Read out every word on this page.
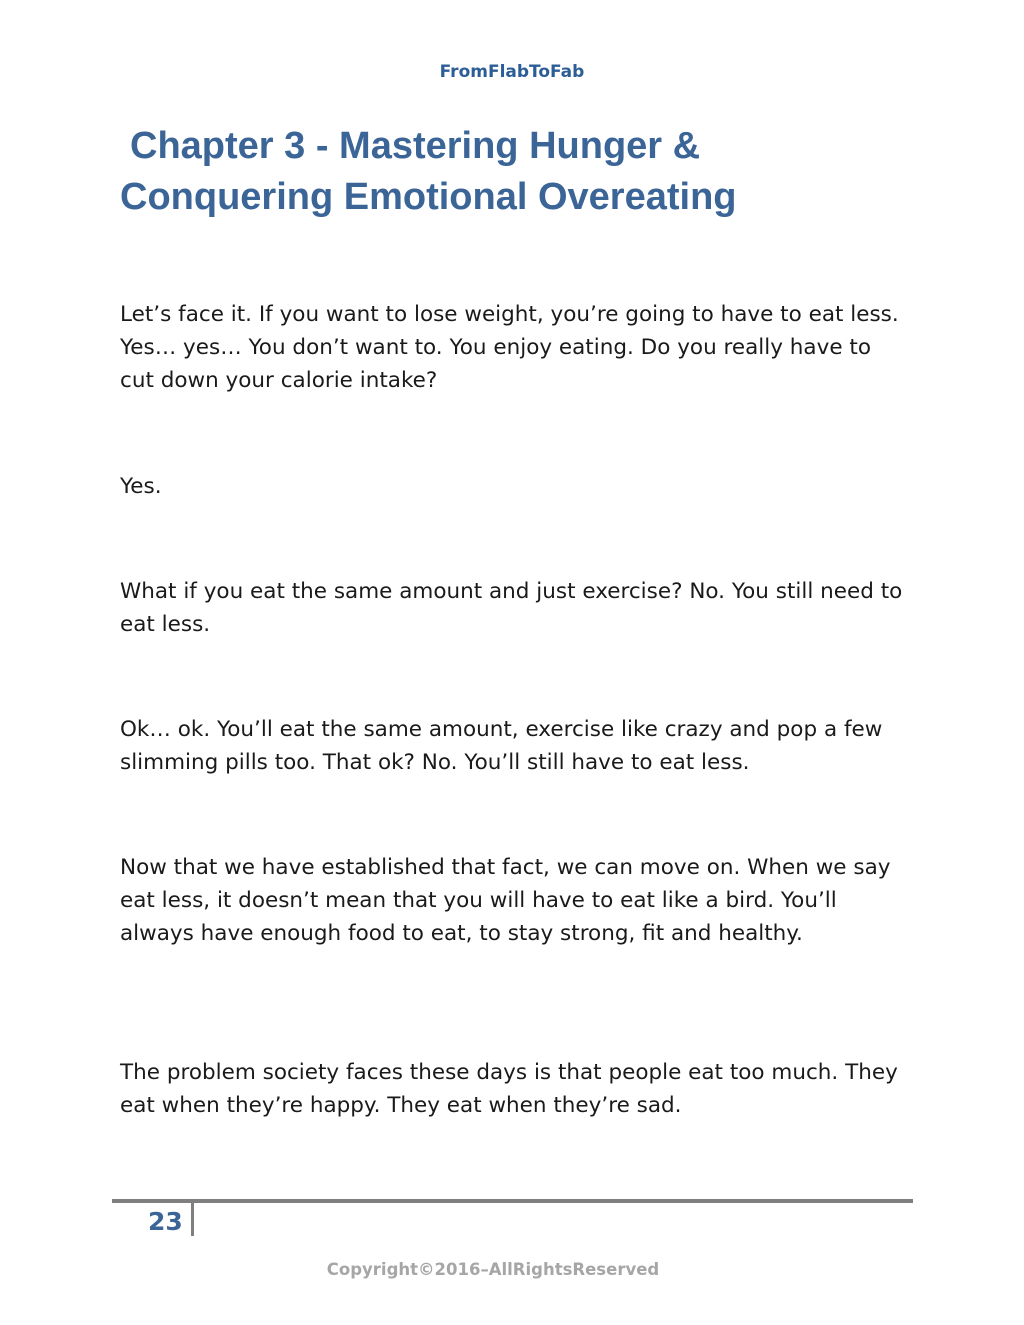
FromFlabToFab
Chapter 3 - Mastering Hunger &
Conquering Emotional Overeating

Let’s face it. If you want to lose weight, you’re going to have to eat less. Yes… yes… You don’t want to. You enjoy eating. Do you really have to cut down your calorie intake?

Yes.

What if you eat the same amount and just exercise? No. You still need to eat less.

Ok… ok. You’ll eat the same amount, exercise like crazy and pop a few slimming pills too. That ok? No. You’ll still have to eat less.

Now that we have established that fact, we can move on. When we say eat less, it doesn’t mean that you will have to eat like a bird. You’ll always have enough food to eat, to stay strong, fit and healthy.

The problem society faces these days is that people eat too much. They eat when they’re happy. They eat when they’re sad.

23
Copyright©2016–AllRightsReserved
